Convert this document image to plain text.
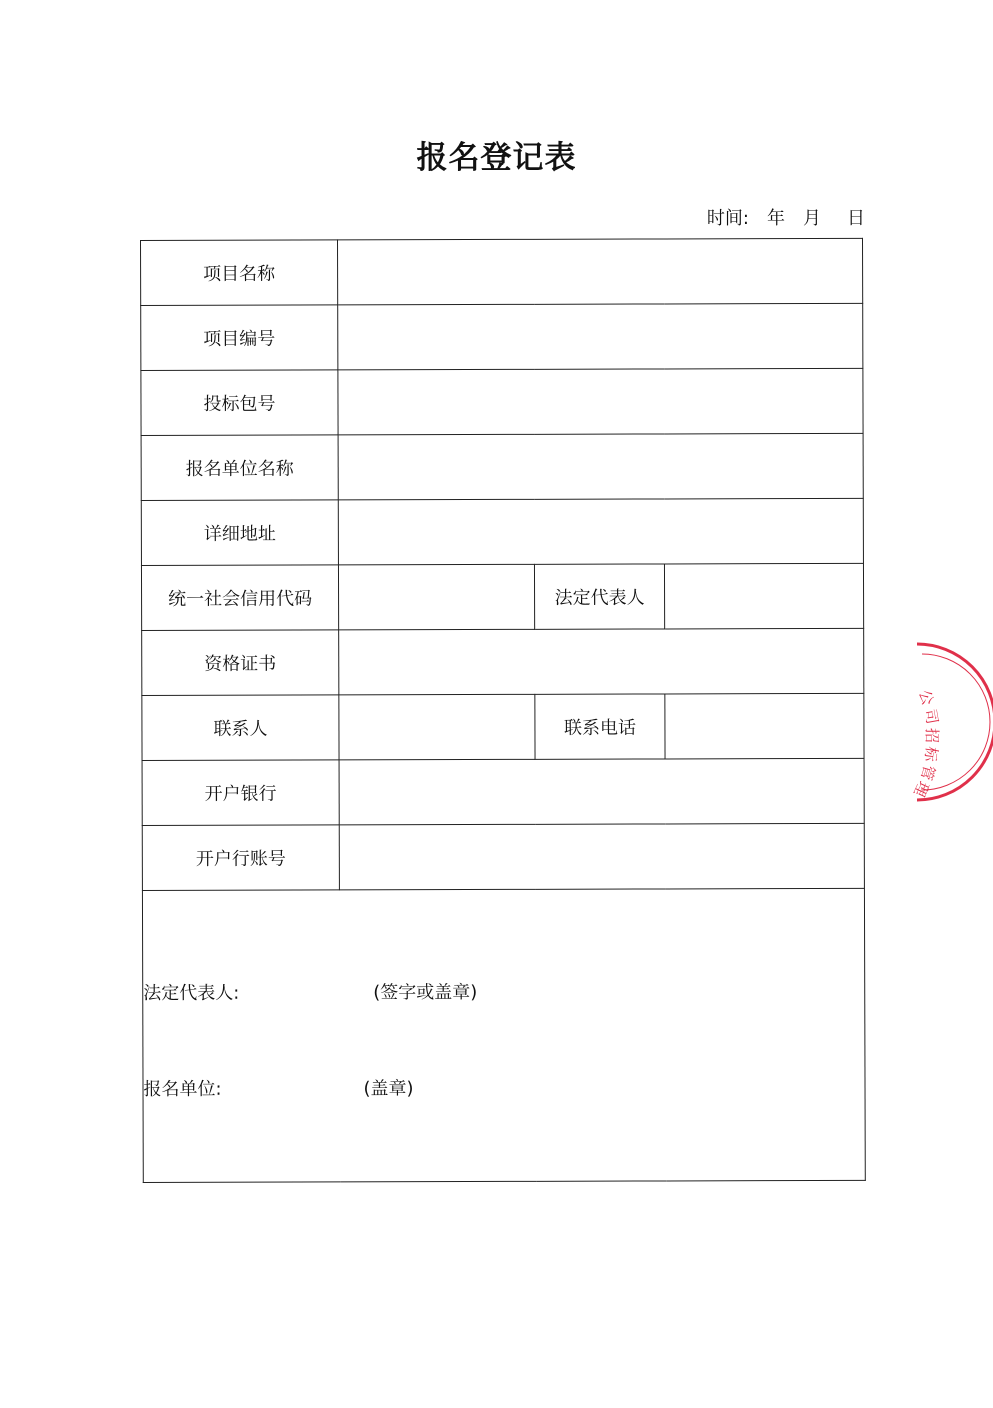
报名登记表
时间: 年 月 日
项目名称			
项目编号			
投标包号			
报名单位名称			
详细地址			
统一社会信用代码		法定代表人	
资格证书			
联系人		联系电话	
开户银行			
开户行账号			

法定代表人: (签字或盖章)
报名单位: (盖章)			
公
司
招
标
管
理
